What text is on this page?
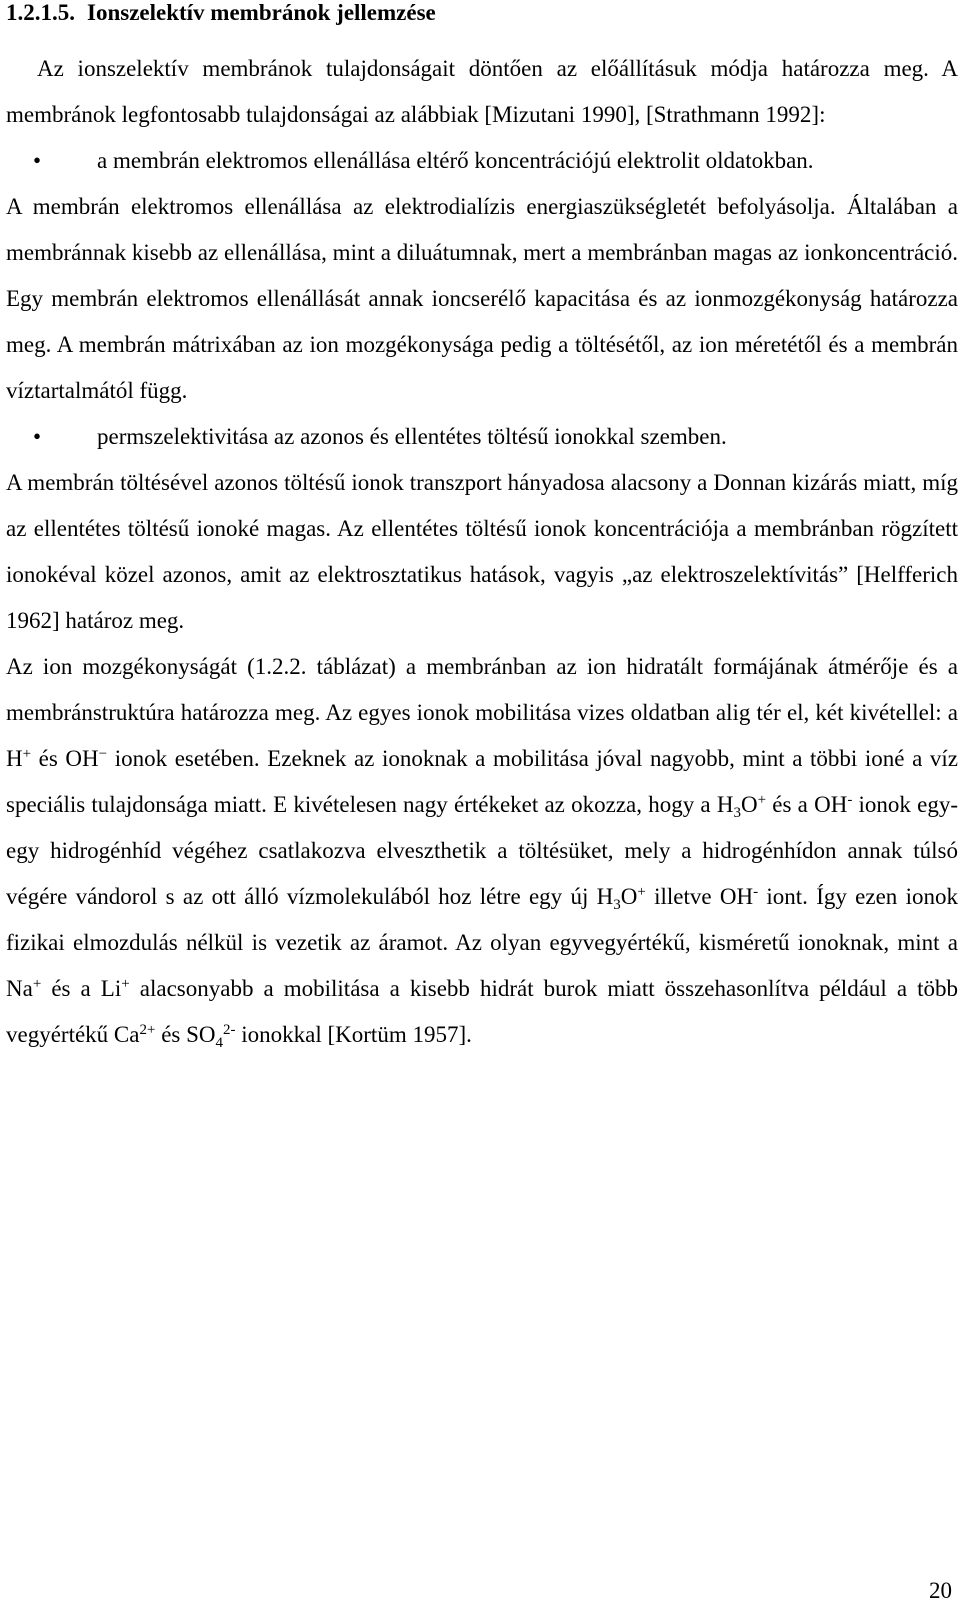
1.2.1.5. Ionszelektív membránok jellemzése

Az ionszelektív membránok tulajdonságait döntően az előállításuk módja határozza meg. A membránok legfontosabb tulajdonságai az alábbiak [Mizutani 1990], [Strathmann 1992]:

• a membrán elektromos ellenállása eltérő koncentrációjú elektrolit oldatokban.

A membrán elektromos ellenállása az elektrodialízis energiaszükségletét befolyásolja. Általában a membránnak kisebb az ellenállása, mint a diluátumnak, mert a membránban magas az ionkoncentráció. Egy membrán elektromos ellenállását annak ioncserélő kapacitása és az ionmozgékonyság határozza meg. A membrán mátrixában az ion mozgékonysága pedig a töltésétől, az ion méretétől és a membrán víztartalmától függ.

• permszelektivitása az azonos és ellentétes töltésű ionokkal szemben.

A membrán töltésével azonos töltésű ionok transzport hányadosa alacsony a Donnan kizárás miatt, míg az ellentétes töltésű ionoké magas. Az ellentétes töltésű ionok koncentrációja a membránban rögzített ionokéval közel azonos, amit az elektrosztatikus hatások, vagyis „az elektroszelektívitás” [Helfferich 1962] határoz meg.

Az ion mozgékonyságát (1.2.2. táblázat) a membránban az ion hidratált formájának átmérője és a membránstruktúra határozza meg. Az egyes ionok mobilitása vizes oldatban alig tér el, két kivétellel: a H+ és OH− ionok esetében. Ezeknek az ionoknak a mobilitása jóval nagyobb, mint a többi ioné a víz speciális tulajdonsága miatt. E kivételesen nagy értékeket az okozza, hogy a $H_3O^+$ és a OH- ionok egy-egy hidrogénhíd végéhez csatlakozva elveszthetik a töltésüket, mely a hidrogénhídon annak túlsó végére vándorol s az ott álló vízmolekulából hoz létre egy új $H_3O^+$ illetve OH- iont. Így ezen ionok fizikai elmozdulás nélkül is vezetik az áramot. Az olyan egyvegyértékű, kisméretű ionoknak, mint a Na+ és a Li+ alacsonyabb a mobilitása a kisebb hidrát burok miatt összehasonlítva például a több vegyértékű $Ca^{2+}$ és $SO_4^{2-}$ ionokkal [Kortüm 1957].

20
